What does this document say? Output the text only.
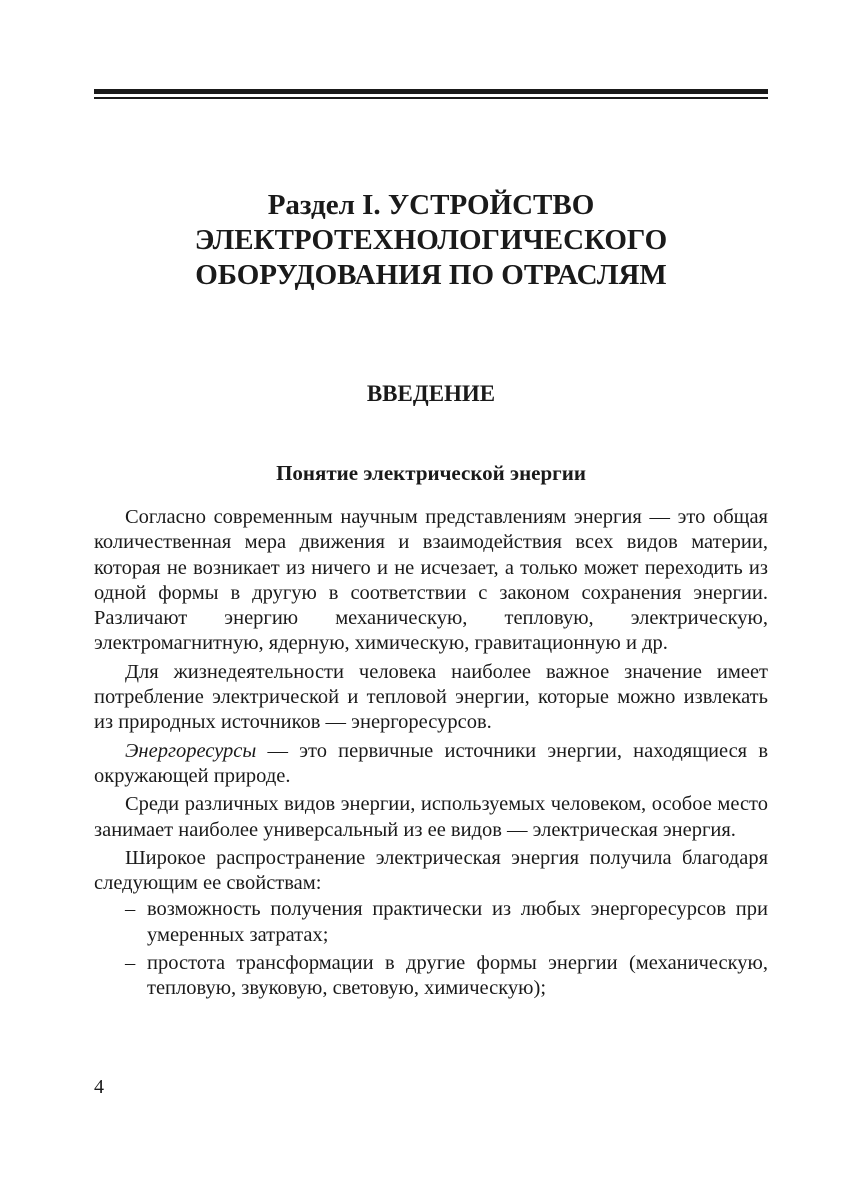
Раздел I. УСТРОЙСТВО
ЭЛЕКТРОТЕХНОЛОГИЧЕСКОГО
ОБОРУДОВАНИЯ ПО ОТРАСЛЯМ
ВВЕДЕНИЕ
Понятие электрической энергии

Согласно современным научным представлениям энергия — это общая количественная мера движения и взаимодействия всех видов материи, которая не возникает из ничего и не исчезает, а только может переходить из одной формы в другую в соответствии с законом сохранения энергии. Различают энергию механическую, тепловую, электрическую, электромагнитную, ядерную, химическую, гравитационную и др.

Для жизнедеятельности человека наиболее важное значение имеет потребление электрической и тепловой энергии, которые можно извлекать из природных источников — энергоресурсов.

Энергоресурсы — это первичные источники энергии, находящиеся в окружающей природе.

Среди различных видов энергии, используемых человеком, особое место занимает наиболее универсальный из ее видов — электрическая энергия.

Широкое распространение электрическая энергия получила благодаря следующим ее свойствам:

– возможность получения практически из любых энергоресурсов при умеренных затратах;
– простота трансформации в другие формы энергии (механическую, тепловую, звуковую, световую, химическую);
4
